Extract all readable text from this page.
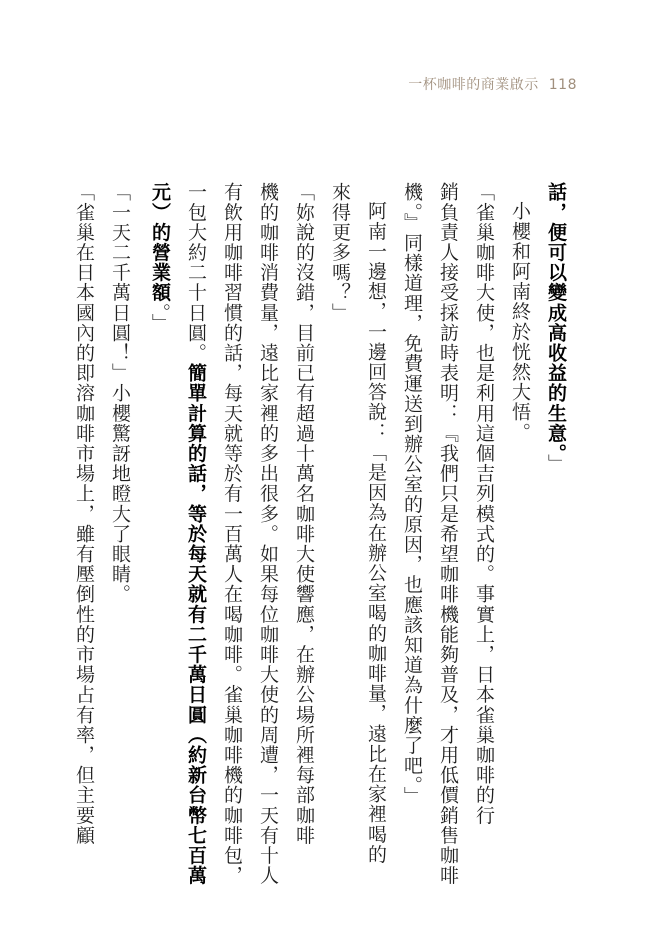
一杯咖啡的商業啟示 118
話，便可以變成高收益的生意。」
小櫻和阿南終於恍然大悟。
「雀巢咖啡大使，也是利用這個吉列模式的。事實上，日本雀巢咖啡的行
銷負責人接受採訪時表明：『我們只是希望咖啡機能夠普及，才用低價銷售咖啡
機。』同樣道理，免費運送到辦公室的原因，也應該知道為什麼了吧。」
阿南一邊想，一邊回答說：「是因為在辦公室喝的咖啡量，遠比在家裡喝的
來得更多嗎？」
「妳說的沒錯，目前已有超過十萬名咖啡大使響應，在辦公場所裡每部咖啡
機的咖啡消費量，遠比家裡的多出很多。如果每位咖啡大使的周遭，一天有十人
有飲用咖啡習慣的話，每天就等於有一百萬人在喝咖啡。雀巢咖啡機的咖啡包，
一包大約二十日圓。簡單計算的話，等於每天就有二千萬日圓（約新台幣七百萬
元）的營業額。」
「一天二千萬日圓！」小櫻驚訝地瞪大了眼睛。
「雀巢在日本國內的即溶咖啡市場上，雖有壓倒性的市場占有率，但主要顧
